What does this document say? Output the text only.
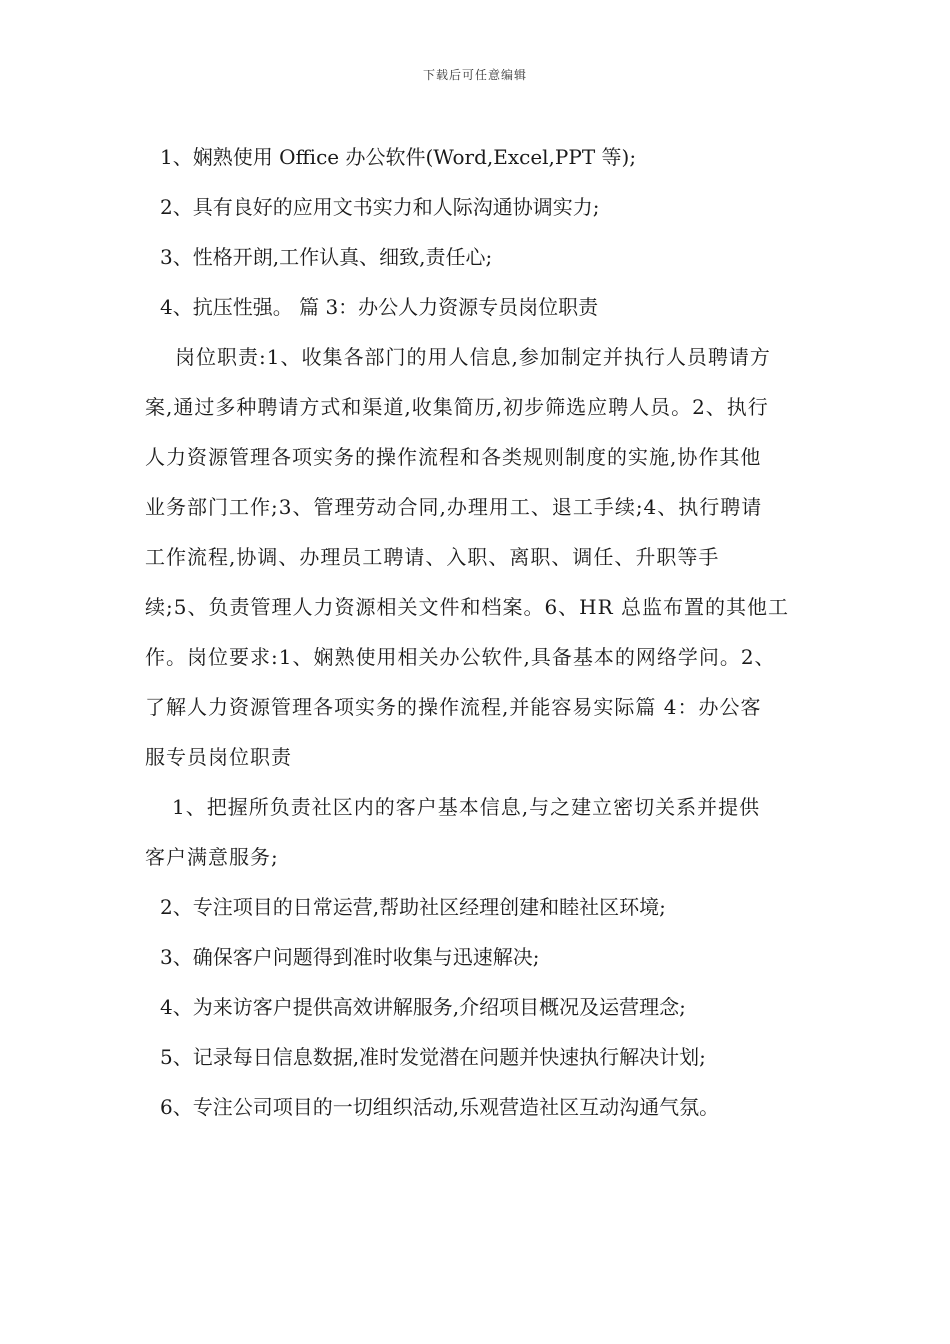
下载后可任意编辑

1、娴熟使用 Office 办公软件(Word,Excel,PPT 等);

2、具有良好的应用文书实力和人际沟通协调实力;

3、性格开朗,工作认真、细致,责任心;

4、抗压性强。 篇 3：办公人力资源专员岗位职责

岗位职责:1、收集各部门的用人信息,参加制定并执行人员聘请方

案,通过多种聘请方式和渠道,收集简历,初步筛选应聘人员。2、执行

人力资源管理各项实务的操作流程和各类规则制度的实施,协作其他

业务部门工作;3、管理劳动合同,办理用工、退工手续;4、执行聘请

工作流程,协调、办理员工聘请、入职、离职、调任、升职等手

续;5、负责管理人力资源相关文件和档案。6、HR 总监布置的其他工

作。岗位要求:1、娴熟使用相关办公软件,具备基本的网络学问。2、

了解人力资源管理各项实务的操作流程,并能容易实际篇 4：办公客

服专员岗位职责

1、把握所负责社区内的客户基本信息,与之建立密切关系并提供

客户满意服务;

2、专注项目的日常运营,帮助社区经理创建和睦社区环境;

3、确保客户问题得到准时收集与迅速解决;

4、为来访客户提供高效讲解服务,介绍项目概况及运营理念;

5、记录每日信息数据,准时发觉潜在问题并快速执行解决计划;

6、专注公司项目的一切组织活动,乐观营造社区互动沟通气氛。
